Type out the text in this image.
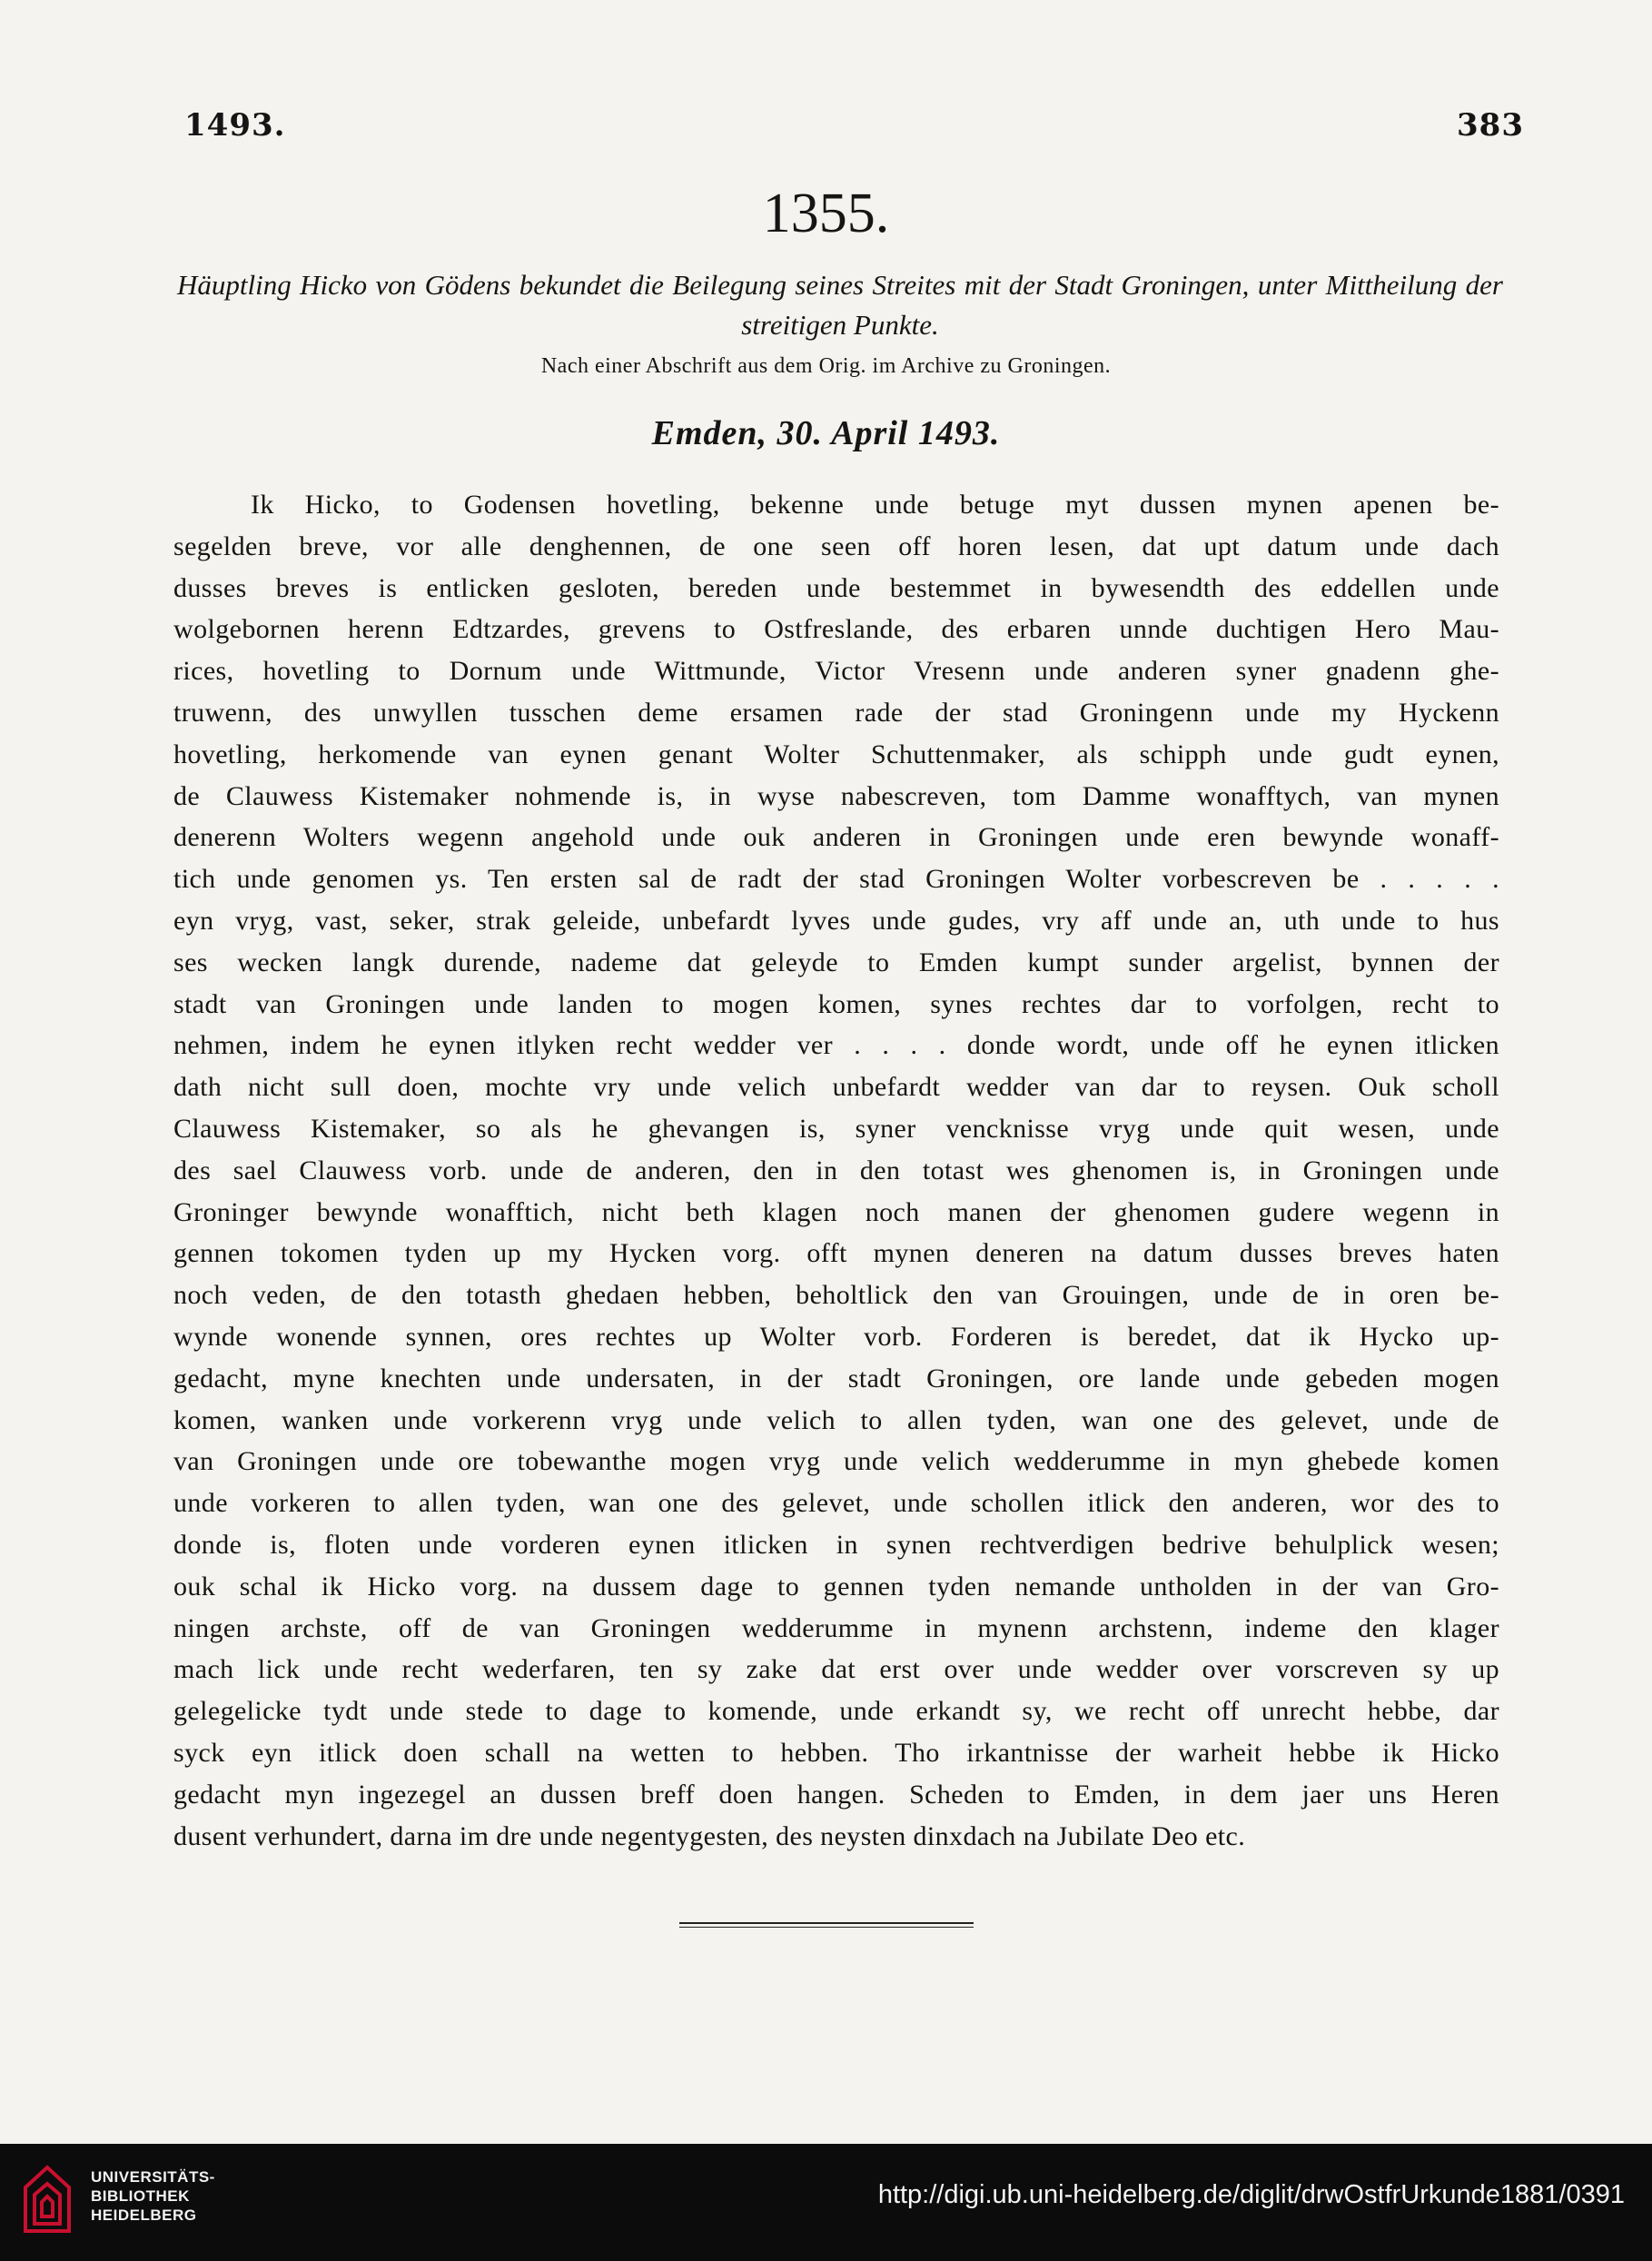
1493.	383
1355.
Häuptling Hicko von Gödens bekundet die Beilegung seines Streites mit der Stadt Groningen, unter Mittheilung der streitigen Punkte.
Nach einer Abschrift aus dem Orig. im Archive zu Groningen.
Emden, 30. April 1493.
Ik Hicko, to Godensen hovetling, bekenne unde betuge myt dussen mynen apenen be-
segelden breve, vor alle denghennen, de one seen off horen lesen, dat upt datum unde dach
dusses breves is entlicken gesloten, bereden unde bestemmet in bywesendth des eddellen unde
wolgebornen herenn Edtzardes, grevens to Ostfreslande, des erbaren unnde duchtigen Hero Mau-
rices, hovetling to Dornum unde Wittmunde, Victor Vresenn unde anderen syner gnadenn ghe-
truwenn, des unwyllen tusschen deme ersamen rade der stad Groningenn unde my Hyckenn
hovetling, herkomende van eynen genant Wolter Schuttenmaker, als schipph unde gudt eynen,
de Clauwess Kistemaker nohmende is, in wyse nabescreven, tom Damme wonafftych, van mynen
denerenn Wolters wegenn angehold unde ouk anderen in Groningen unde eren bewynde wonaff-
tich unde genomen ys. Ten ersten sal de radt der stad Groningen Wolter vorbescreven be . . . . .
eyn vryg, vast, seker, strak geleide, unbefardt lyves unde gudes, vry aff unde an, uth unde to hus
ses wecken langk durende, nademe dat geleyde to Emden kumpt sunder argelist, bynnen der
stadt van Groningen unde landen to mogen komen, synes rechtes dar to vorfolgen, recht to
nehmen, indem he eynen itlyken recht wedder ver . . . . donde wordt, unde off he eynen itlicken
dath nicht sull doen, mochte vry unde velich unbefardt wedder van dar to reysen. Ouk scholl
Clauwess Kistemaker, so als he ghevangen is, syner vencknisse vryg unde quit wesen, unde
des sael Clauwess vorb. unde de anderen, den in den totast wes ghenomen is, in Groningen unde
Groninger bewynde wonafftich, nicht beth klagen noch manen der ghenomen gudere wegenn in
gennen tokomen tyden up my Hycken vorg. offt mynen deneren na datum dusses breves haten
noch veden, de den totasth ghedaen hebben, beholtlick den van Grouingen, unde de in oren be-
wynde wonende synnen, ores rechtes up Wolter vorb. Forderen is beredet, dat ik Hycko up-
gedacht, myne knechten unde undersaten, in der stadt Groningen, ore lande unde gebeden mogen
komen, wanken unde vorkerenn vryg unde velich to allen tyden, wan one des gelevet, unde de
van Groningen unde ore tobewanthe mogen vryg unde velich wedderumme in myn ghebede komen
unde vorkeren to allen tyden, wan one des gelevet, unde schollen itlick den anderen, wor des to
donde is, floten unde vorderen eynen itlicken in synen rechtverdigen bedrive behulplick wesen;
ouk schal ik Hicko vorg. na dussem dage to gennen tyden nemande untholden in der van Gro-
ningen archste, off de van Groningen wedderumme in mynenn archstenn, indeme den klager
mach lick unde recht wederfaren, ten sy zake dat erst over unde wedder over vorscreven sy up
gelegelicke tydt unde stede to dage to komende, unde erkandt sy, we recht off unrecht hebbe, dar
syck eyn itlick doen schall na wetten to hebben. Tho irkantnisse der warheit hebbe ik Hicko
gedacht myn ingezegel an dussen breff doen hangen. Scheden to Emden, in dem jaer uns Heren
dusent verhundert, darna im dre unde negentygesten, des neysten dinxdach na Jubilate Deo etc.
UNIVERSITÄTS-
BIBLIOTHEK
HEIDELBERG
http://digi.ub.uni-heidelberg.de/diglit/drwOstfrUrkunde1881/0391
